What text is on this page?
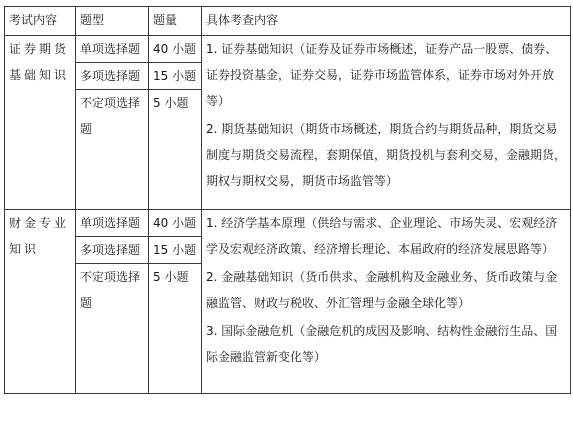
考试内容	题型	题量	具体考查内容
证券期货基础知识	单项选择题	40 小题	1. 证券基础知识（证券及证券市场概述，证券产品一股票、债券、证券投资基金，证券交易，证券市场监管体系，证券市场对外开放等）
2. 期货基础知识（期货市场概述，期货合约与期货品种，期货交易制度与期货交易流程，套期保值，期货投机与套利交易，金融期货，期权与期权交易，期货市场监管等）

	多项选择题	15 小题	
	不定项选择题	5 小题	
财金专业知识	单项选择题	40 小题	1. 经济学基本原理（供给与需求、企业理论、市场失灵、宏观经济学及宏观经济政策、经济增长理论、本届政府的经济发展思路等）
2. 金融基础知识（货币供求、金融机构及金融业务、货币政策与金融监管、财政与税收、外汇管理与金融全球化等）
3. 国际金融危机（金融危机的成因及影响、结构性金融衍生品、国际金融监管新变化等）

	多项选择题	15 小题	
	不定项选择题	5 小题	
